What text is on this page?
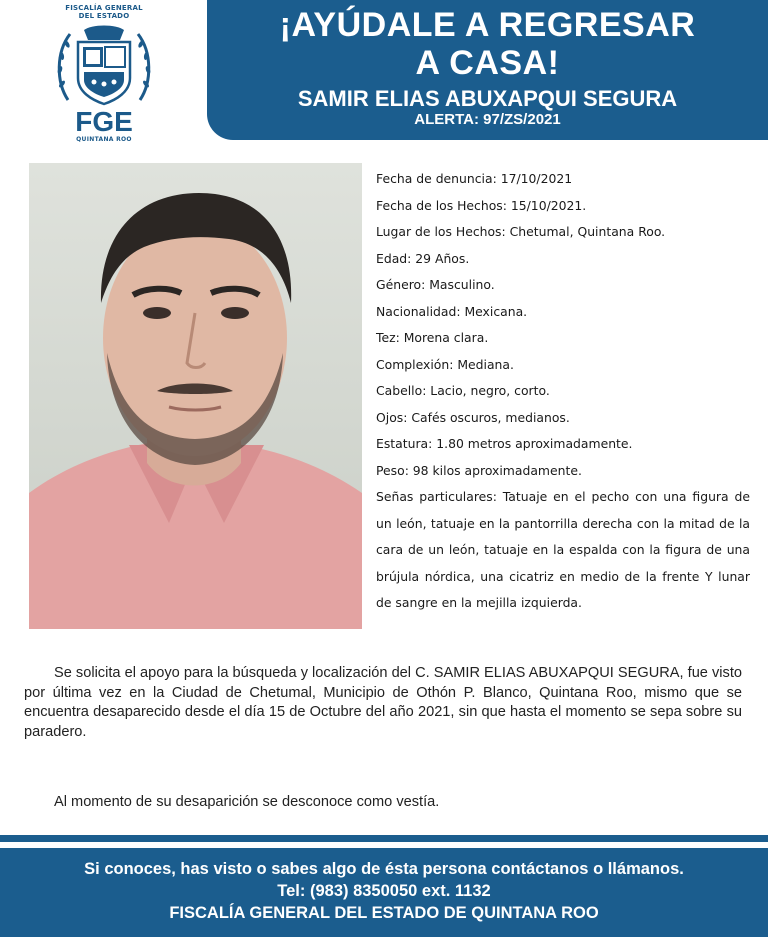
FISCALÍA GENERAL
DEL ESTADO
FGE
QUINTANA ROO
¡AYÚDALE A REGRESAR
A CASA!
SAMIR ELIAS ABUXAPQUI SEGURA
ALERTA: 97/ZS/2021
Fecha de denuncia: 17/10/2021
Fecha de los Hechos: 15/10/2021.
Lugar de los Hechos: Chetumal, Quintana Roo.
Edad: 29 Años.
Género: Masculino.
Nacionalidad: Mexicana.
Tez: Morena clara.
Complexión: Mediana.
Cabello: Lacio, negro, corto.
Ojos: Cafés oscuros, medianos.
Estatura: 1.80 metros aproximadamente.
Peso: 98 kilos aproximadamente.
Señas particulares: Tatuaje en el pecho con una figura de un león, tatuaje en la pantorrilla derecha con la mitad de la cara de un león, tatuaje en la espalda con la figura de una brújula nórdica, una cicatriz en medio de la frente Y lunar de sangre en la mejilla izquierda.
Se solicita el apoyo para la búsqueda y localización del C. SAMIR ELIAS ABUXAPQUI SEGURA, fue visto por última vez en la Ciudad de Chetumal, Municipio de Othón P. Blanco, Quintana Roo, mismo que se encuentra desaparecido desde el día 15 de Octubre del año 2021, sin que hasta el momento se sepa sobre su paradero.
Al momento de su desaparición se desconoce como vestía.
Si conoces, has visto o sabes algo de ésta persona contáctanos o llámanos.
Tel: (983) 8350050 ext. 1132
FISCALÍA GENERAL DEL ESTADO DE QUINTANA ROO
